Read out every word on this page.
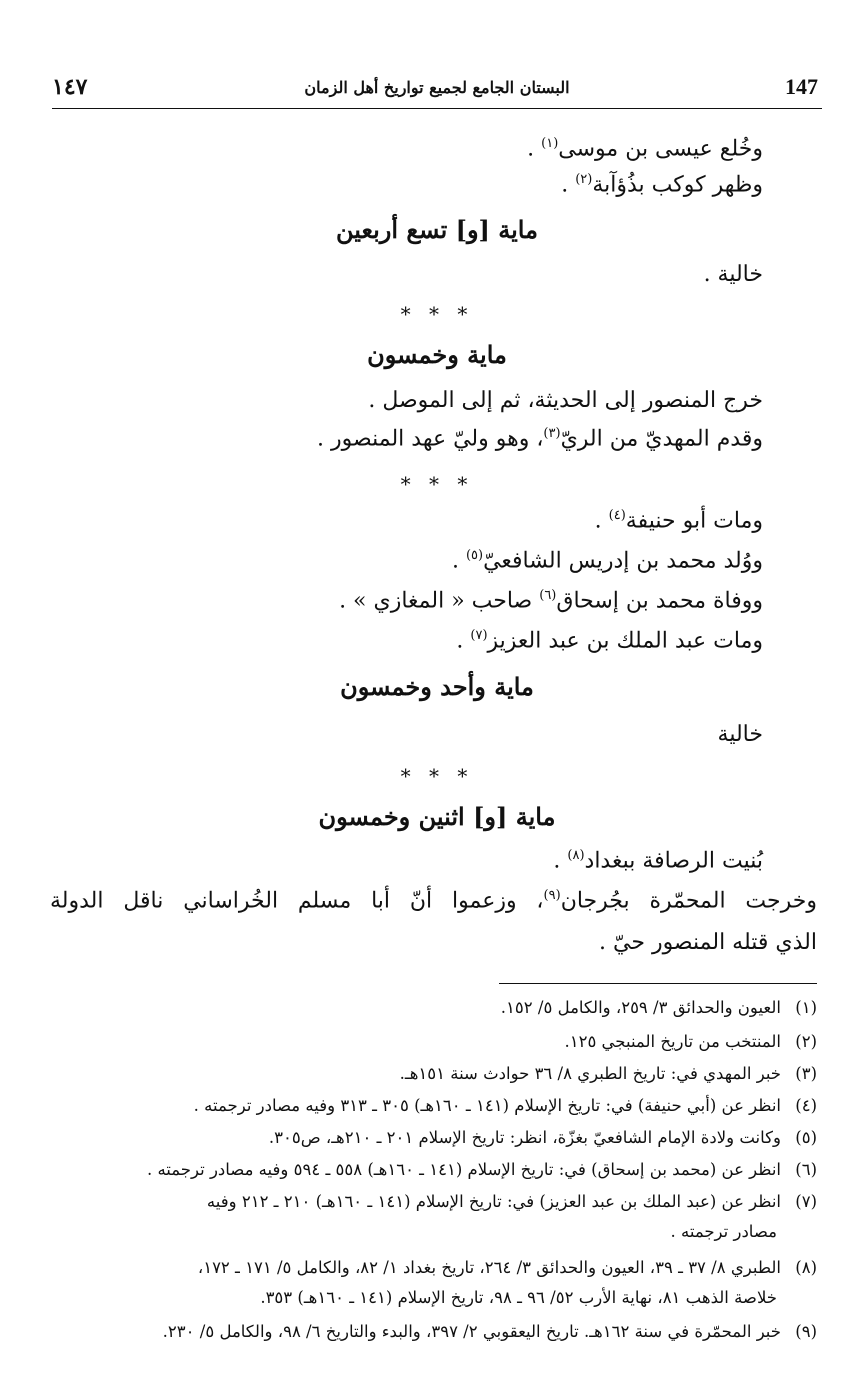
147
البستان الجامع لجميع تواريخ أهل الزمان
١٤٧
وخُلع عيسى بن موسى$^{(١)}$ .
وظهر كوكب بذُؤآبة$^{(٢)}$ .
ماية [و] تسع أربعين
خالية .
* * *
ماية وخمسون
خرج المنصور إلى الحديثة، ثم إلى الموصل .
وقدم المهديّ من الريّ$^{(٣)}$، وهو وليّ عهد المنصور .
* * *
ومات أبو حنيفة$^{(٤)}$ .
ووُلد محمد بن إدريس الشافعيّ$^{(٥)}$ .
ووفاة محمد بن إسحاق$^{(٦)}$ صاحب « المغازي » .
ومات عبد الملك بن عبد العزيز$^{(٧)}$ .
ماية وأحد وخمسون
خالية
* * *
ماية [و] اثنين وخمسون
بُنيت الرصافة ببغداد$^{(٨)}$ .
وخرجت المحمّرة بجُرجان$^{(٩)}$، وزعموا أنّ أبا مسلم الخُراساني ناقل الدولة
الذي قتله المنصور حيّ .
(١)العيون والحدائق ٣/ ٢٥٩، والكامل ٥/ ١٥٢.
(٢)المنتخب من تاريخ المنبجي ١٢٥.
(٣)خبر المهدي في: تاريخ الطبري ٨/ ٣٦ حوادث سنة ١٥١هـ.
(٤)انظر عن (أبي حنيفة) في: تاريخ الإسلام (١٤١ ـ ١٦٠هـ) ٣٠٥ ـ ٣١٣ وفيه مصادر ترجمته .
(٥)وكانت ولادة الإمام الشافعيّ بغزّة، انظر: تاريخ الإسلام ٢٠١ ـ ٢١٠هـ، ص٣٠٥.
(٦)انظر عن (محمد بن إسحاق) في: تاريخ الإسلام (١٤١ ـ ١٦٠هـ) ٥٥٨ ـ ٥٩٤ وفيه مصادر ترجمته .
(٧)انظر عن (عبد الملك بن عبد العزيز) في: تاريخ الإسلام (١٤١ ـ ١٦٠هـ) ٢١٠ ـ ٢١٢ وفيه
مصادر ترجمته .
(٨)الطبري ٨/ ٣٧ ـ ٣٩، العيون والحدائق ٣/ ٢٦٤، تاريخ بغداد ١/ ٨٢، والكامل ٥/ ١٧١ ـ ١٧٢،
خلاصة الذهب ٨١، نهاية الأرب ٥٢/ ٩٦ ـ ٩٨، تاريخ الإسلام (١٤١ ـ ١٦٠هـ) ٣٥٣.
(٩)خبر المحمّرة في سنة ١٦٢هـ. تاريخ اليعقوبي ٢/ ٣٩٧، والبدء والتاريخ ٦/ ٩٨، والكامل ٥/ ٢٣٠.
